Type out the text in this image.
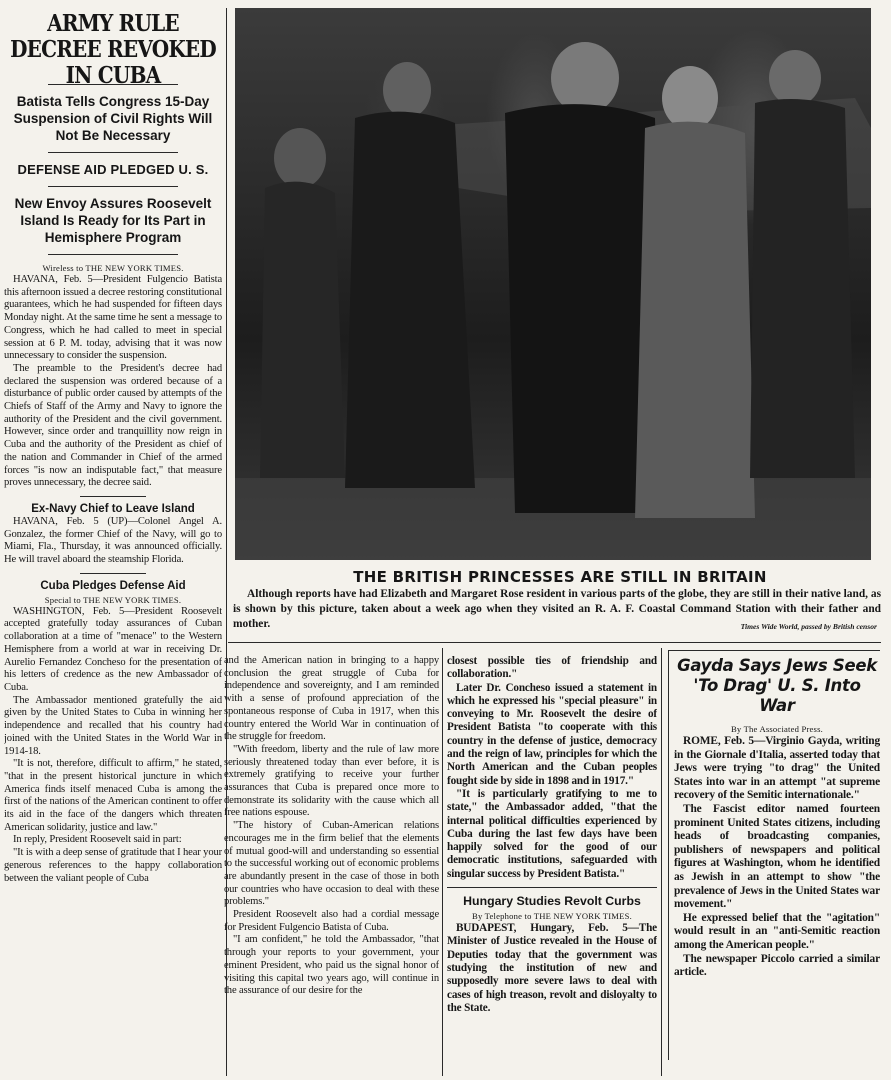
ARMY RULE DECREE REVOKED IN CUBA

Batista Tells Congress 15-Day Suspension of Civil Rights Will Not Be Necessary

DEFENSE AID PLEDGED U. S.

New Envoy Assures Roosevelt Island Is Ready for Its Part in Hemisphere Program

Wireless to THE NEW YORK TIMES.

HAVANA, Feb. 5—President Fulgencio Batista this afternoon issued a decree restoring constitutional guarantees, which he had suspended for fifteen days Monday night. At the same time he sent a message to Congress, which he had called to meet in special session at 6 P. M. today, advising that it was now unnecessary to consider the suspension.

The preamble to the President's decree had declared the suspension was ordered because of a disturbance of public order caused by attempts of the Chiefs of Staff of the Army and Navy to ignore the authority of the President and the civil government. However, since order and tranquillity now reign in Cuba and the authority of the President as chief of the nation and Commander in Chief of the armed forces "is now an indisputable fact," that measure proves unnecessary, the decree said.

Ex-Navy Chief to Leave Island

HAVANA, Feb. 5 (UP)—Colonel Angel A. Gonzalez, the former Chief of the Navy, will go to Miami, Fla., Thursday, it was announced officially. He will travel aboard the steamship Florida.

Cuba Pledges Defense Aid

Special to THE NEW YORK TIMES.

WASHINGTON, Feb. 5—President Roosevelt accepted gratefully today assurances of Cuban collaboration at a time of "menace" to the Western Hemisphere from a world at war in receiving Dr. Aurelio Fernandez Concheso for the presentation of his letters of credence as the new Ambassador of Cuba.

The Ambassador mentioned gratefully the aid given by the United States to Cuba in winning her independence and recalled that his country had joined with the United States in the World War in 1914-18.

"It is not, therefore, difficult to affirm," he stated, "that in the present historical juncture in which America finds itself menaced Cuba is among the first of the nations of the American continent to offer its aid in the face of the dangers which threaten American solidarity, justice and law."

In reply, President Roosevelt said in part:

"It is with a deep sense of gratitude that I hear your generous references to the happy collaboration between the valiant people of Cuba

THE BRITISH PRINCESSES ARE STILL IN BRITAIN

Although reports have had Elizabeth and Margaret Rose resident in various parts of the globe, they are still in their native land, as is shown by this picture, taken about a week ago when they visited an R. A. F. Coastal Command Station with their father and mother.	Times Wide World, passed by British censor

and the American nation in bringing to a happy conclusion the great struggle of Cuba for independence and sovereignty, and I am reminded with a sense of profound appreciation of the spontaneous response of Cuba in 1917, when this country entered the World War in continuation of the struggle for freedom.

"With freedom, liberty and the rule of law more seriously threatened today than ever before, it is extremely gratifying to receive your further assurances that Cuba is prepared once more to demonstrate its solidarity with the cause which all free nations espouse.

"The history of Cuban-American relations encourages me in the firm belief that the elements of mutual good-will and understanding so essential to the successful working out of economic problems are abundantly present in the case of those in both our countries who have occasion to deal with these problems."

President Roosevelt also had a cordial message for President Fulgencio Batista of Cuba.

"I am confident," he told the Ambassador, "that through your reports to your government, your eminent President, who paid us the signal honor of visiting this capital two years ago, will continue in the assurance of our desire for the

closest possible ties of friendship and collaboration."

Later Dr. Concheso issued a statement in which he expressed his "special pleasure" in conveying to Mr. Roosevelt the desire of President Batista "to cooperate with this country in the defense of justice, democracy and the reign of law, principles for which the North American and the Cuban peoples fought side by side in 1898 and in 1917."

"It is particularly gratifying to me to state," the Ambassador added, "that the internal political difficulties experienced by Cuba during the last few days have been happily solved for the good of our democratic institutions, safeguarded with singular success by President Batista."

Hungary Studies Revolt Curbs

By Telephone to THE NEW YORK TIMES.

BUDAPEST, Hungary, Feb. 5—The Minister of Justice revealed in the House of Deputies today that the government was studying the institution of new and supposedly more severe laws to deal with cases of high treason, revolt and disloyalty to the State.

Gayda Says Jews Seek 'To Drag' U. S. Into War

By The Associated Press.

ROME, Feb. 5—Virginio Gayda, writing in the Giornale d'Italia, asserted today that Jews were trying "to drag" the United States into war in an attempt "at supreme recovery of the Semitic internationale."

The Fascist editor named fourteen prominent United States citizens, including heads of broadcasting companies, publishers of newspapers and political figures at Washington, whom he identified as Jewish in an attempt to show "the prevalence of Jews in the United States war movement."

He expressed belief that the "agitation" would result in an "anti-Semitic reaction among the American people."

The newspaper Piccolo carried a similar article.
